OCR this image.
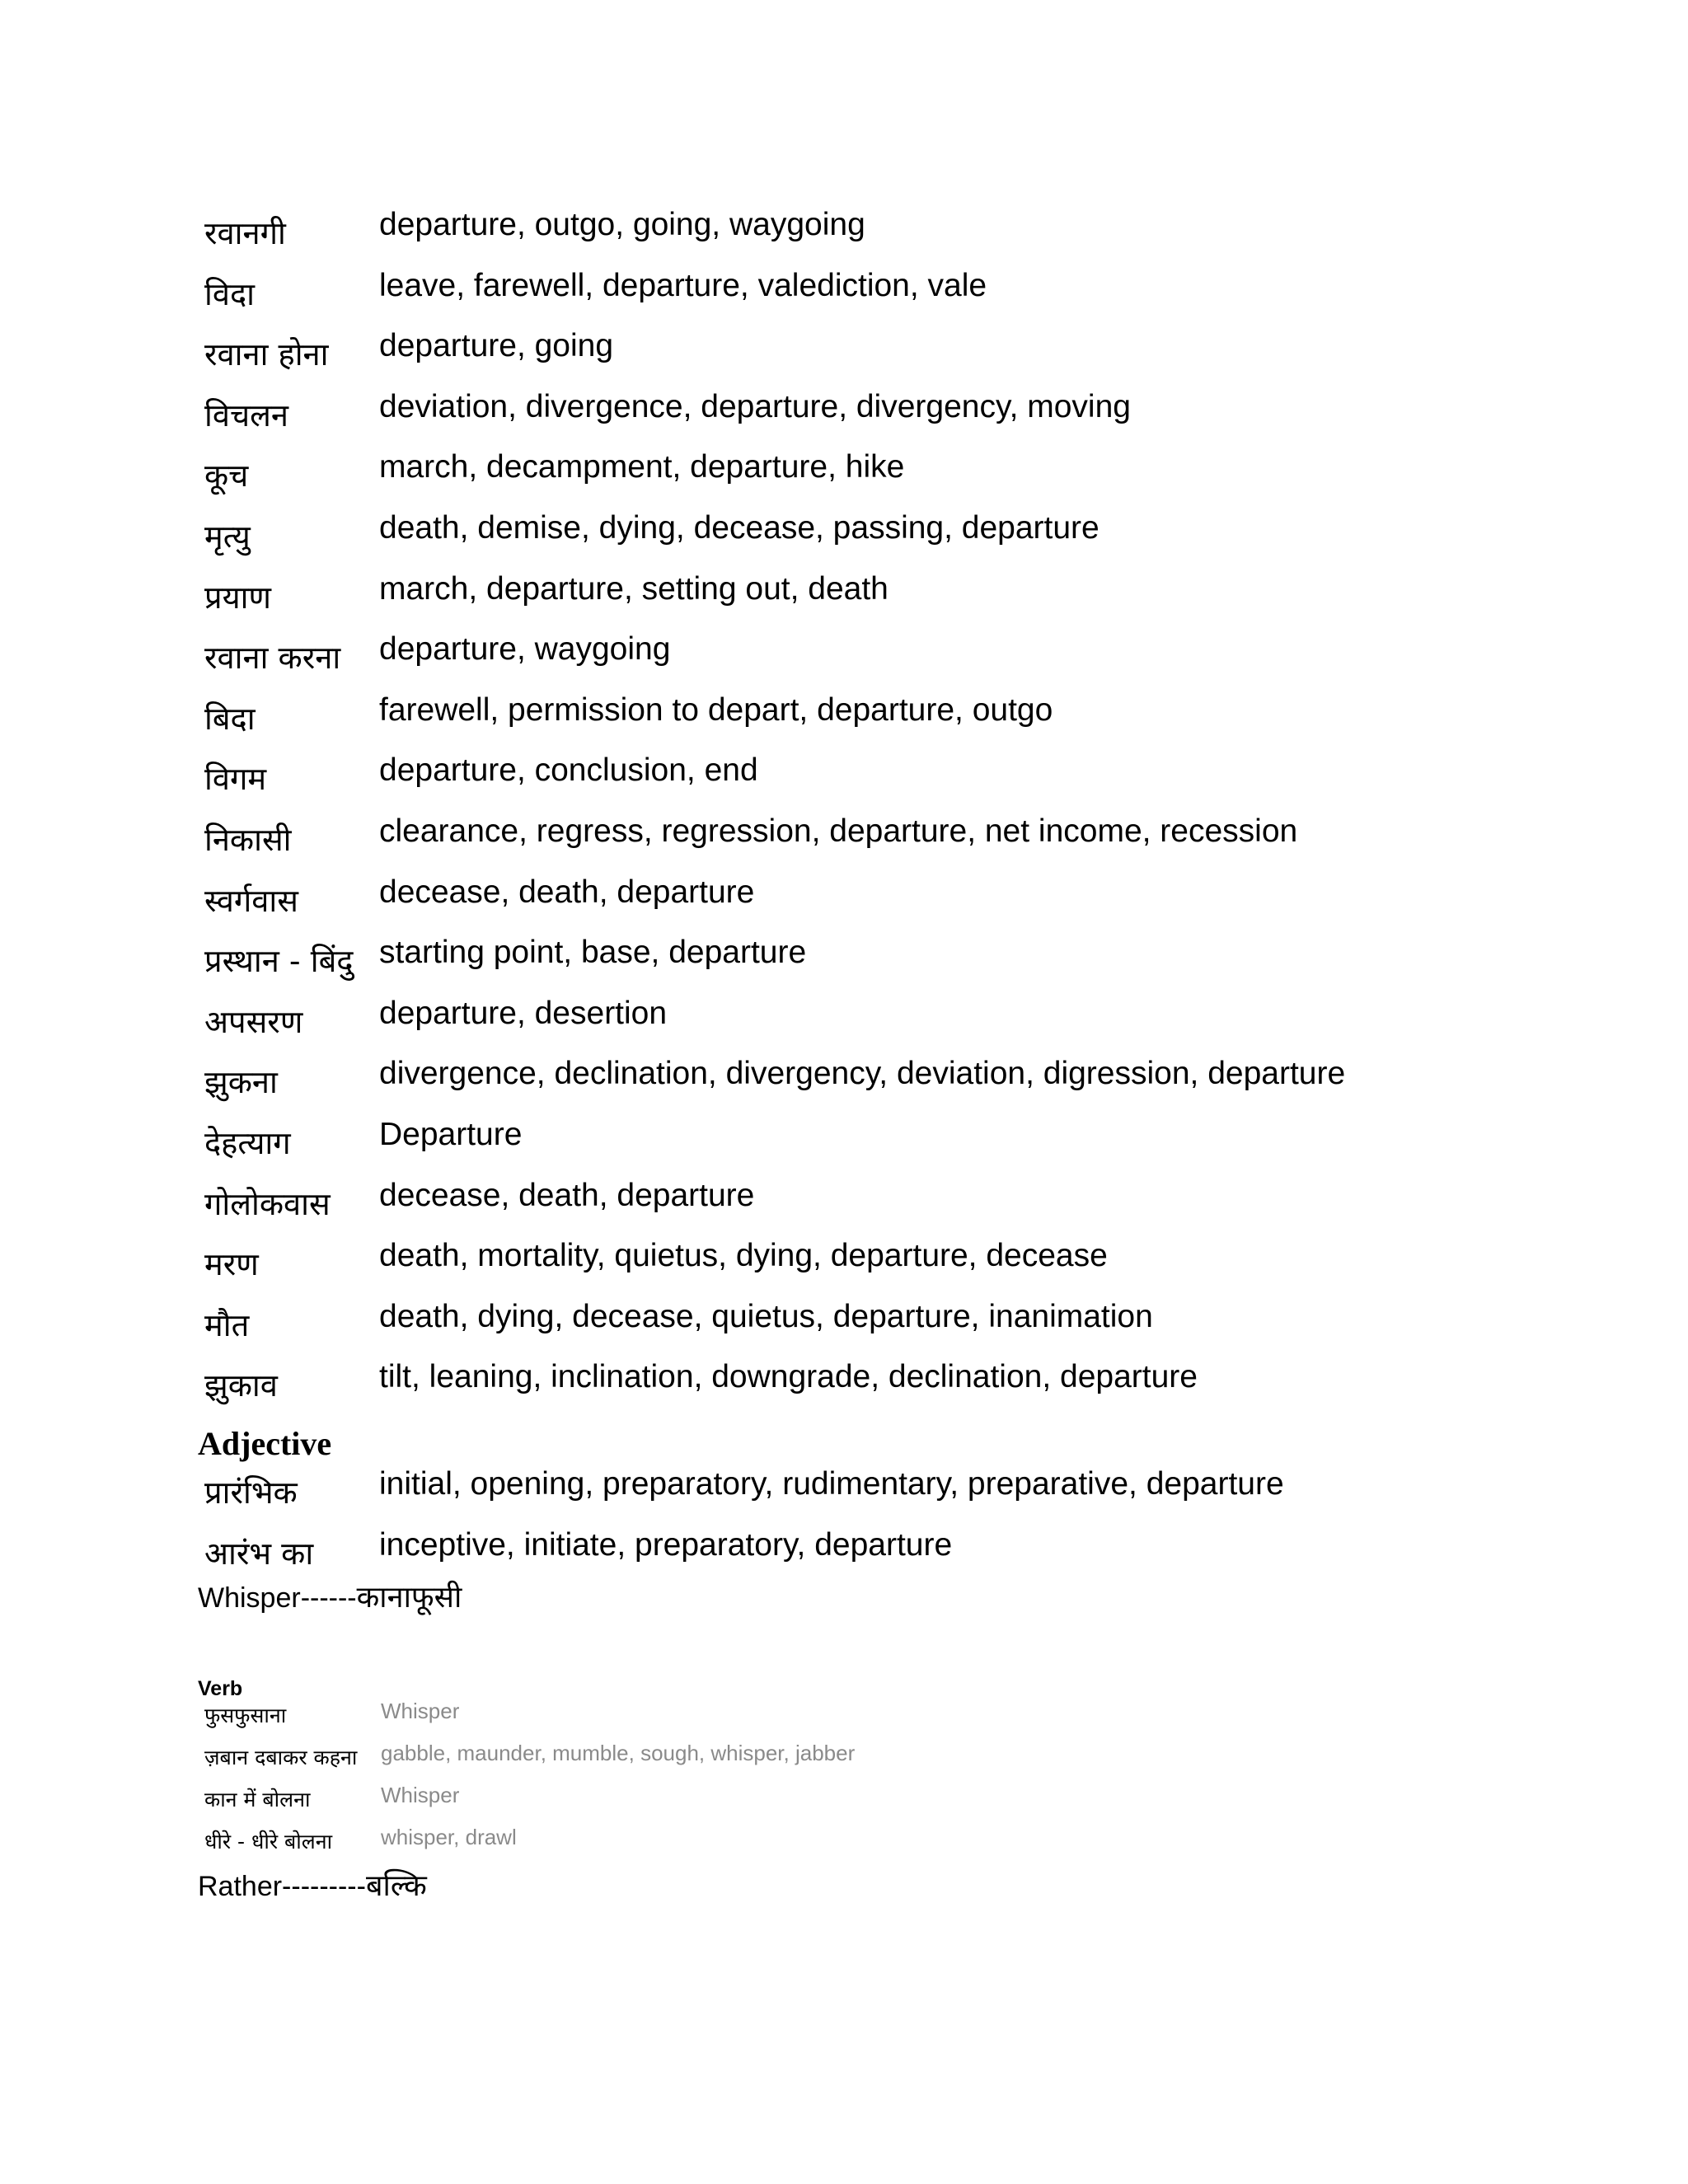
रवानगी	departure, outgo, going, waygoing
विदा	leave, farewell, departure, valediction, vale
रवाना होना departure, going
विचलन	deviation, divergence, departure, divergency, moving
कूच	march, decampment, departure, hike
मृत्यु	death, demise, dying, decease, passing, departure
प्रयाण	march, departure, setting out, death
रवाना करना departure, waygoing
बिदा	farewell, permission to depart, departure, outgo
विगम	departure, conclusion, end
निकासी	clearance, regress, regression, departure, net income, recession
स्वर्गवास	decease, death, departure
प्रस्थान ‑ बिंदु starting point, base, departure
अपसरण departure, desertion
झुकना	divergence, declination, divergency, deviation, digression, departure
देहत्याग	Departure
गोलोकवास decease, death, departure
मरण	death, mortality, quietus, dying, departure, decease
मौत	death, dying, decease, quietus, departure, inanimation
झुकाव	tilt, leaning, inclination, downgrade, declination, departure
Adjective
प्रारंभिक	initial, opening, preparatory, rudimentary, preparative, departure
आरंभ का inceptive, initiate, preparatory, departure
Whisper------कानाफूसी
Verb
फुसफुसाना	Whisper
ज़बान दबाकर कहना gabble, maunder, mumble, sough, whisper, jabber
कान में बोलना	Whisper
धीरे ‑ धीरे बोलना whisper, drawl
Rather---------बल्कि
